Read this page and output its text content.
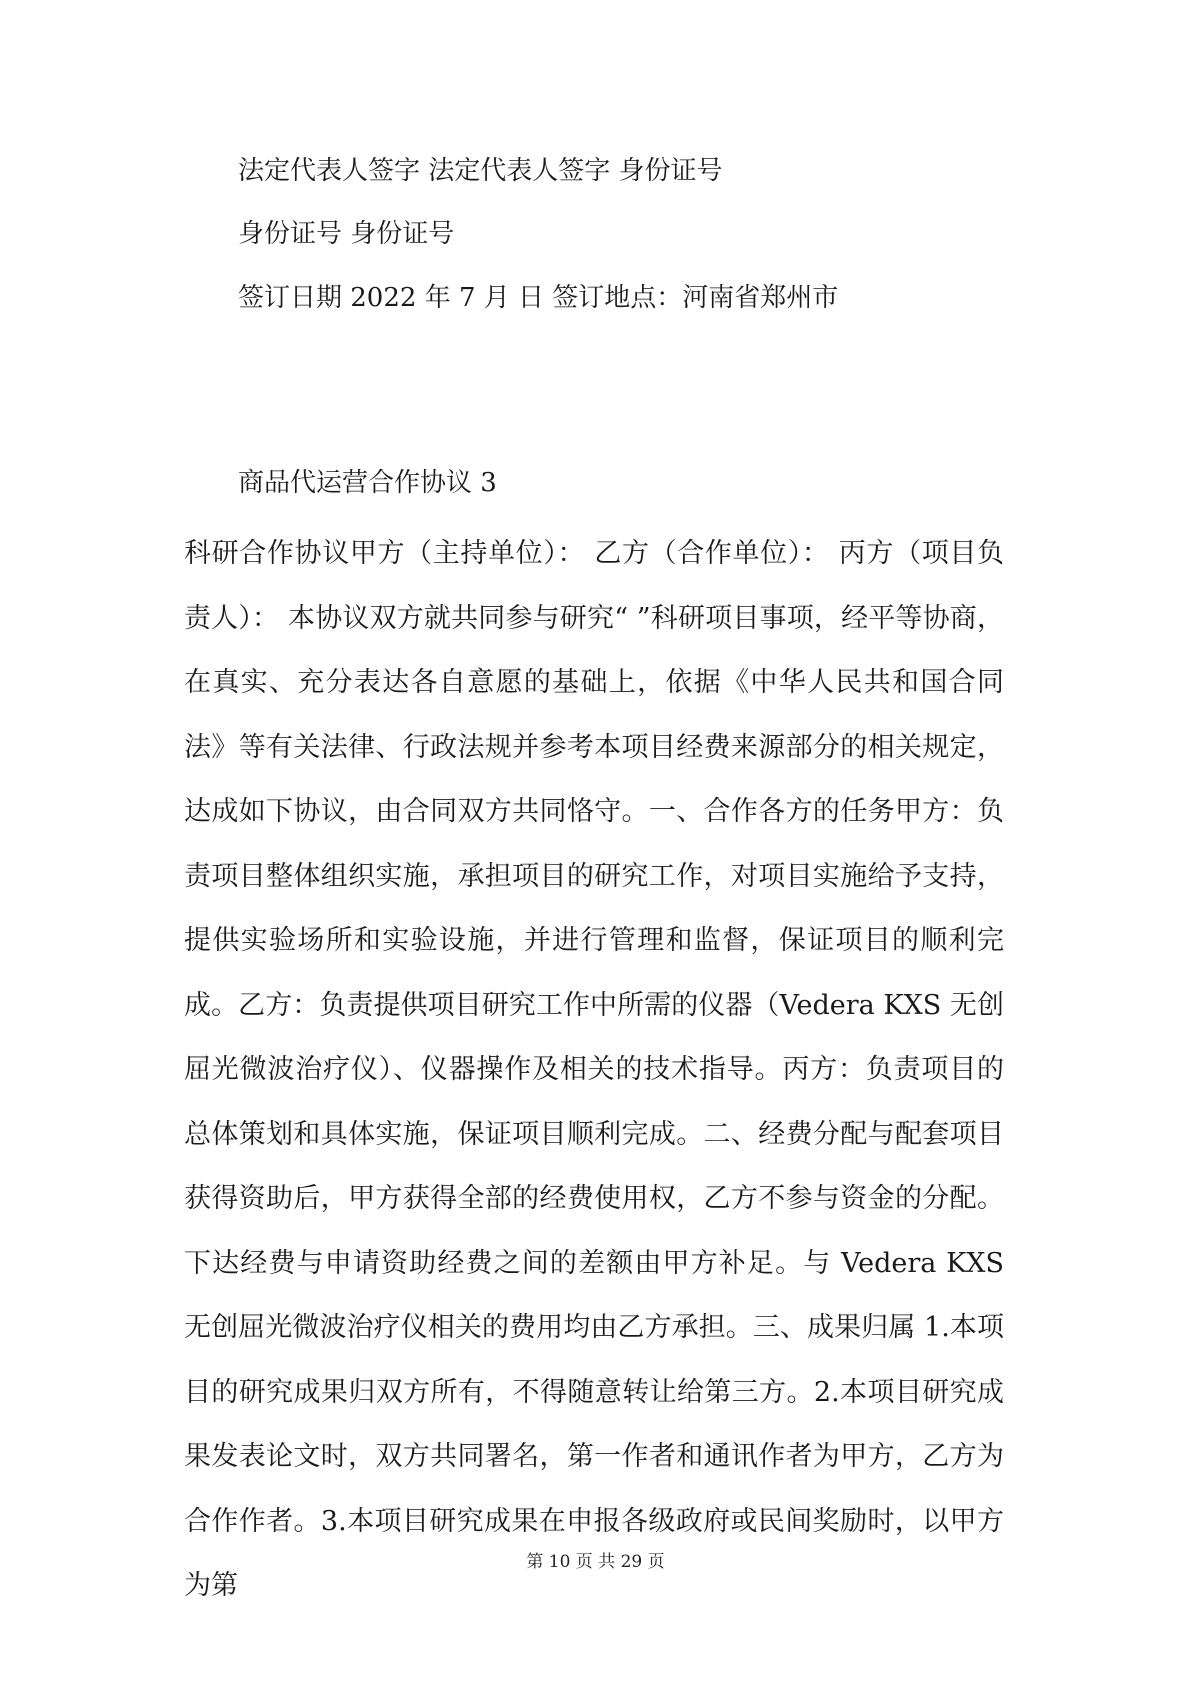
法定代表人签字 法定代表人签字 身份证号
身份证号 身份证号
签订日期 2022 年 7 月 日 签订地点：河南省郑州市
商品代运营合作协议 3
科研合作协议甲方（主持单位）： 乙方（合作单位）： 丙方（项目负责人）： 本协议双方就共同参与研究“ ”科研项目事项，经平等协商，在真实、充分表达各自意愿的基础上，依据《中华人民共和国合同法》等有关法律、行政法规并参考本项目经费来源部分的相关规定，达成如下协议，由合同双方共同恪守。一、合作各方的任务甲方：负责项目整体组织实施，承担项目的研究工作，对项目实施给予支持，提供实验场所和实验设施，并进行管理和监督，保证项目的顺利完成。乙方：负责提供项目研究工作中所需的仪器（Vedera KXS 无创屈光微波治疗仪）、仪器操作及相关的技术指导。丙方：负责项目的总体策划和具体实施，保证项目顺利完成。二、经费分配与配套项目获得资助后，甲方获得全部的经费使用权，乙方不参与资金的分配。下达经费与申请资助经费之间的差额由甲方补足。与 Vedera KXS 无创屈光微波治疗仪相关的费用均由乙方承担。三、成果归属 1.本项目的研究成果归双方所有，不得随意转让给第三方。2.本项目研究成果发表论文时，双方共同署名，第一作者和通讯作者为甲方，乙方为合作作者。3.本项目研究成果在申报各级政府或民间奖励时，以甲方为第
第 10 页 共 29 页
